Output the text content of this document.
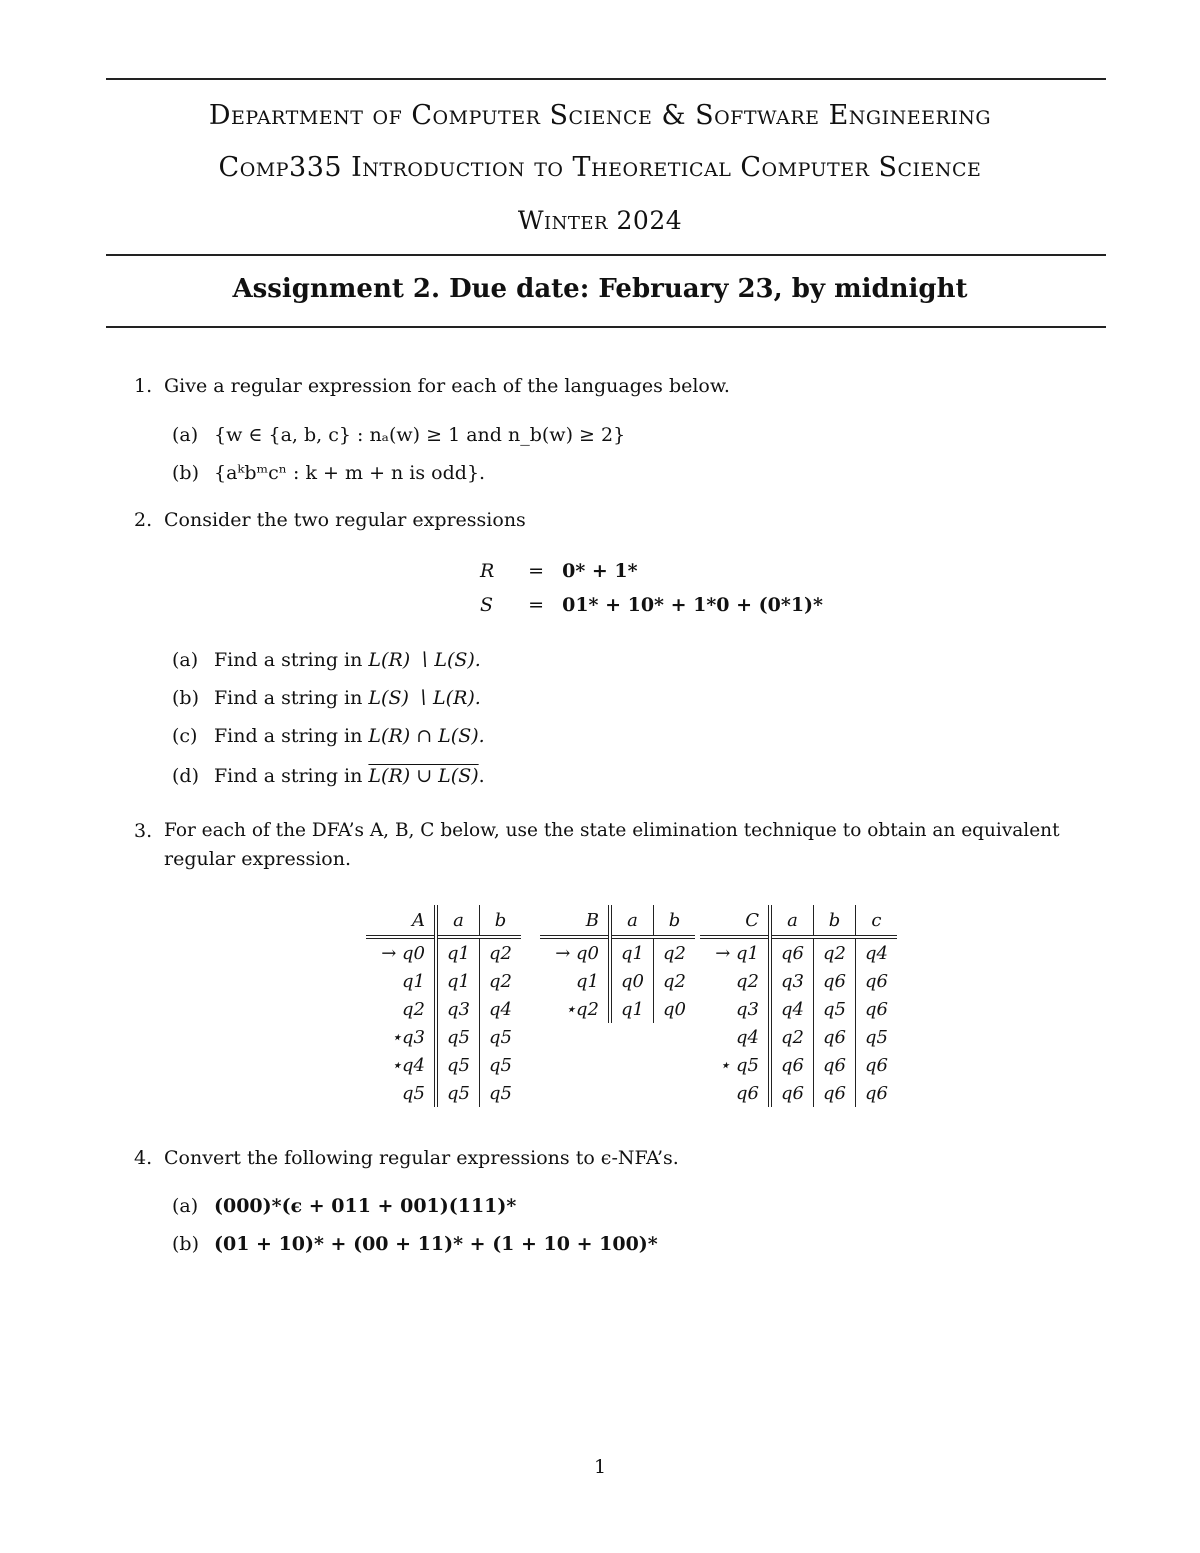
Department of Computer Science & Software Engineering
Comp335 Introduction to Theoretical Computer Science
Winter 2024
Assignment 2. Due date: February 23, by midnight
1. Give a regular expression for each of the languages below.
(a) {w ∈ {a, b, c} : nₐ(w) ≥ 1 and n_b(w) ≥ 2}
(b) {aᵏbᵐcⁿ : k + m + n is odd}.
2. Consider the two regular expressions
R = 0* + 1*
S = 01* + 10* + 1*0 + (0*1)*
(a) Find a string in L(R) ∖ L(S).
(b) Find a string in L(S) ∖ L(R).
(c) Find a string in L(R) ∩ L(S).
(d) Find a string in L(R) ∪ L(S).
3. For each of the DFA’s A, B, C below, use the state elimination technique to obtain an equivalent
regular expression.
A	a	b
→ q0	q1	q2
q1	q1	q2
q2	q3	q4
⋆q3	q5	q5
⋆q4	q5	q5
q5	q5	q5
B	a	b
→ q0	q1	q2
q1	q0	q2
⋆q2	q1	q0
C	a	b	c
→ q1	q6	q2	q4
q2	q3	q6	q6
q3	q4	q5	q6
q4	q2	q6	q5
⋆ q5	q6	q6	q6
q6	q6	q6	q6
4. Convert the following regular expressions to ϵ-NFA’s.
(a) (000)*(ϵ + 011 + 001)(111)*
(b) (01 + 10)* + (00 + 11)* + (1 + 10 + 100)*
1
